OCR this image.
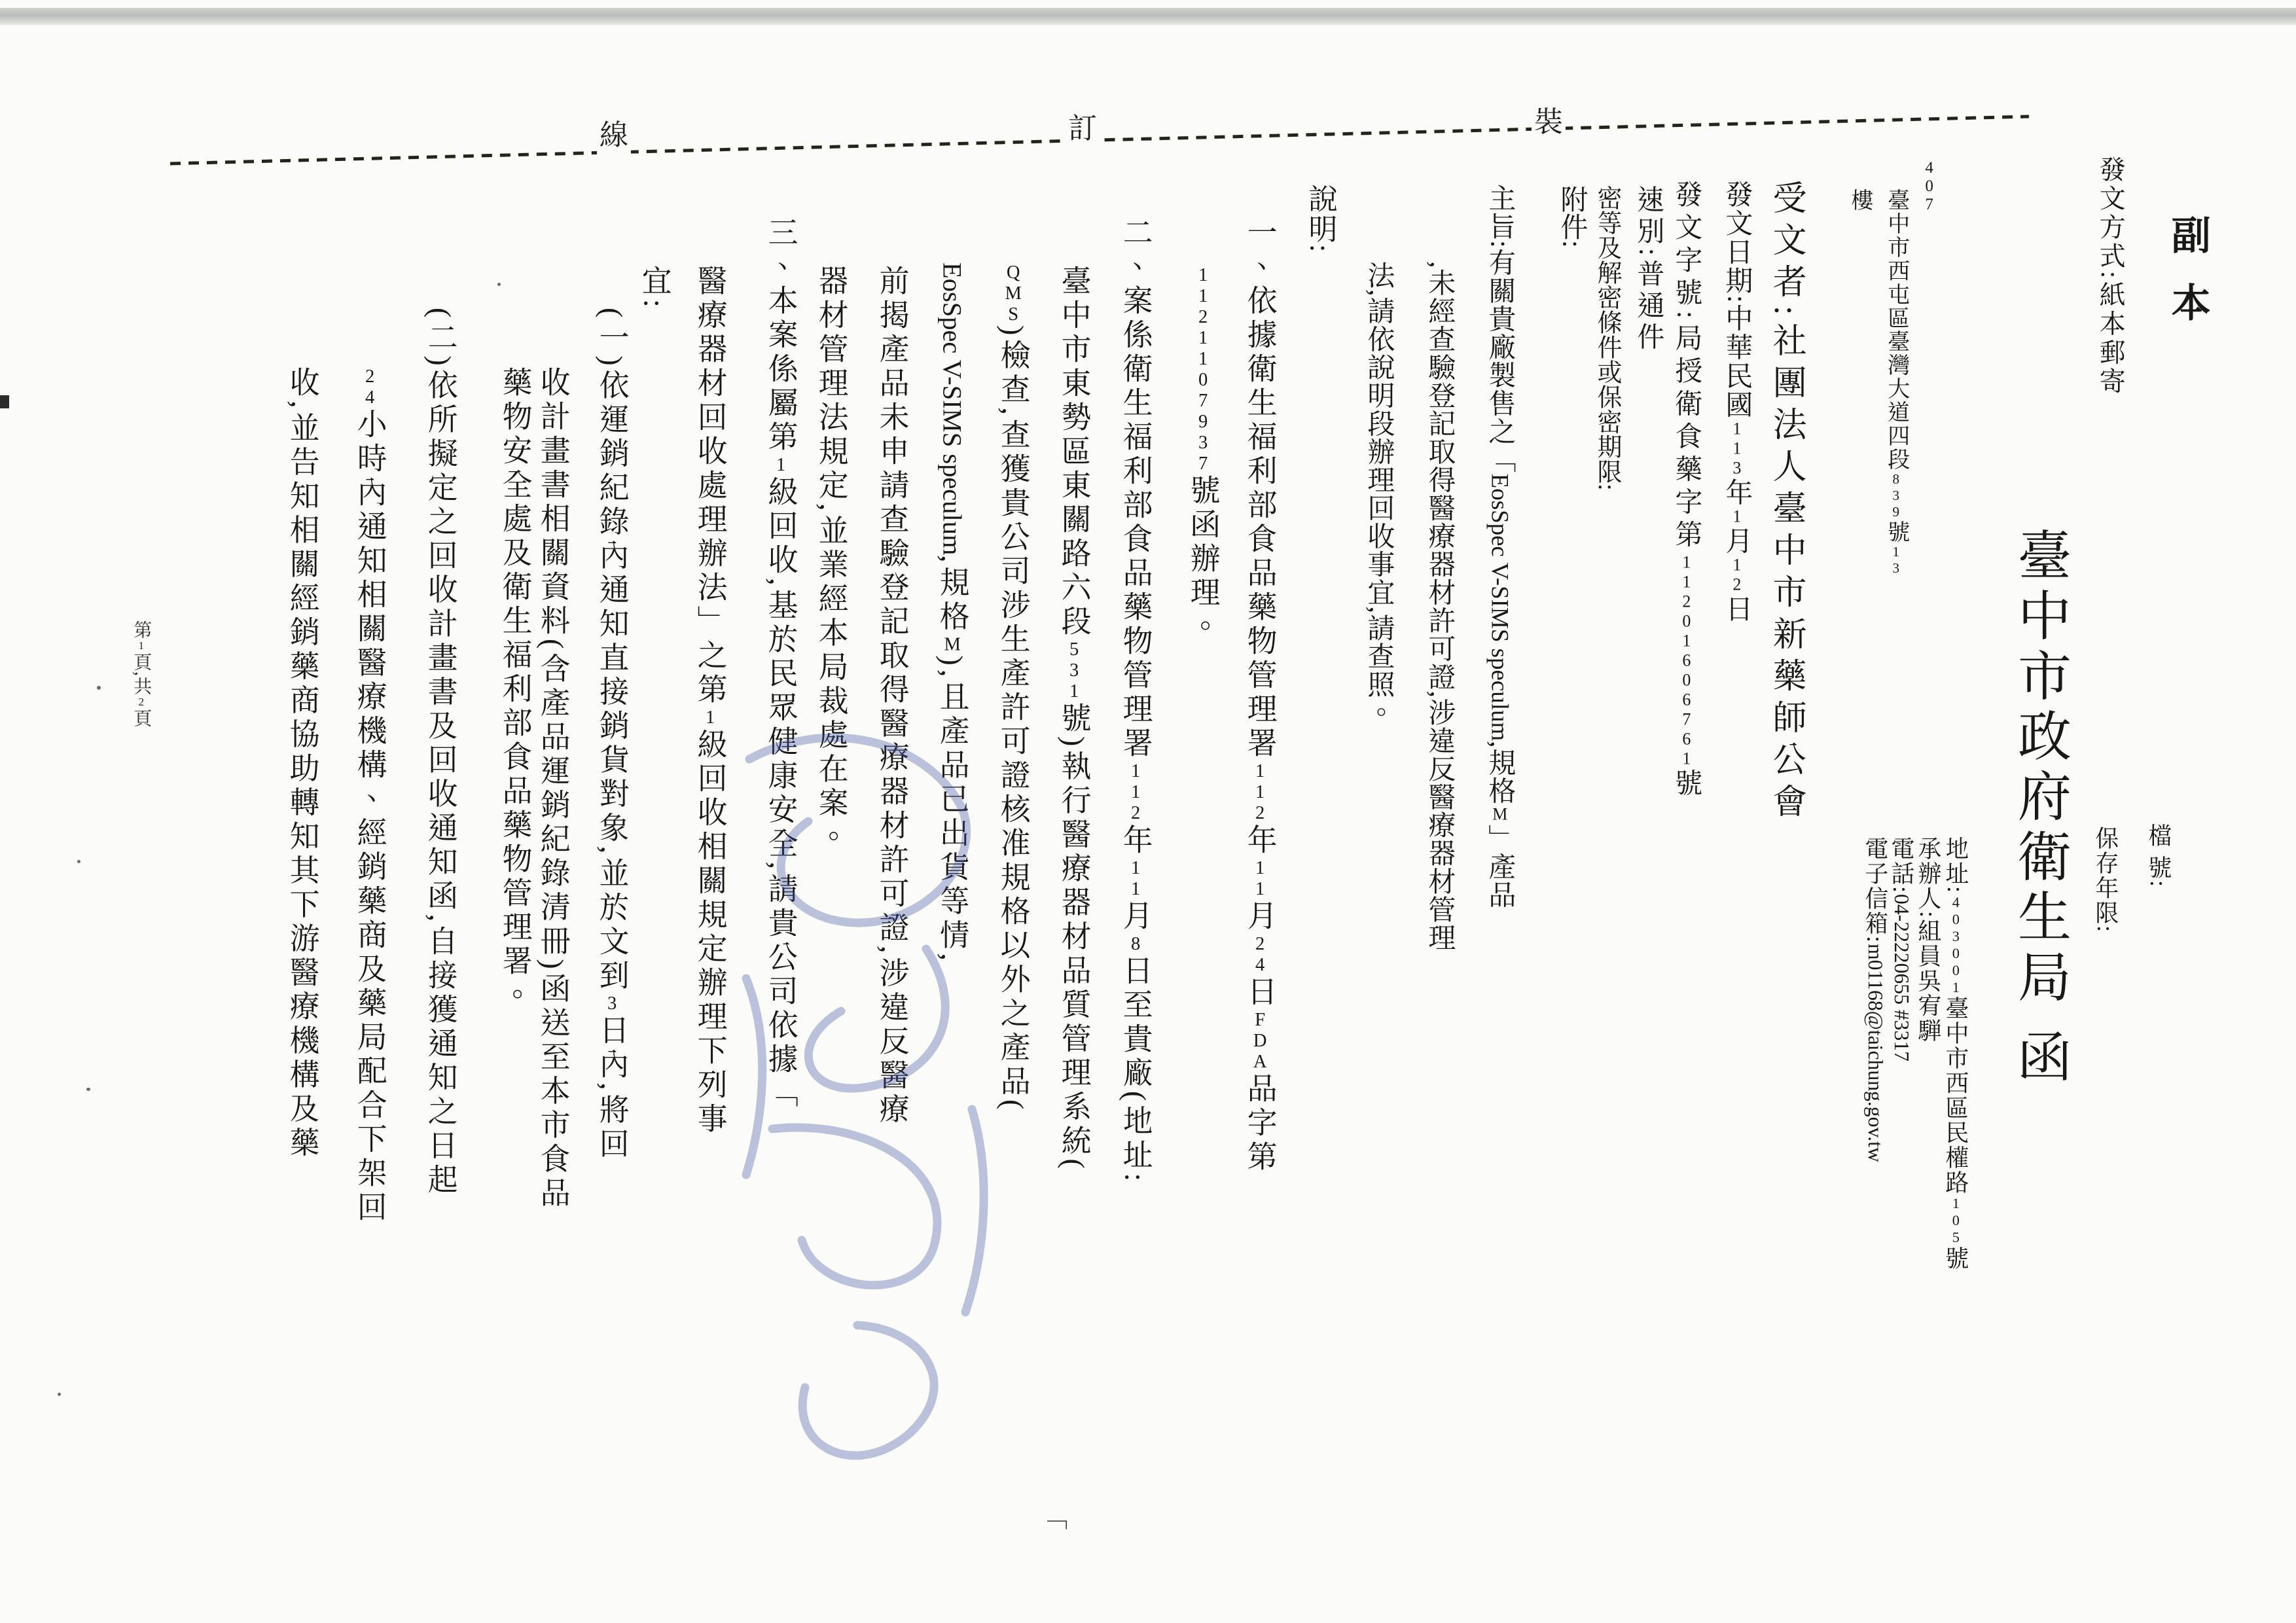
線	訂	裝
副 本
發文方式:紙本郵寄
臺中市政府衛生局 函	檔 號:
保存年限:
地址:403001臺中市西區民權路105號
承辦人:組員吳宥騨
電話:04-22220655 #3317
電子信箱:m01168@taichung.gov.tw
407
臺中市西屯區臺灣大道四段839號13
樓
受文者:社團法人臺中市新藥師公會
發文日期:中華民國113年1月12日
發文字號:局授衛食藥字第11201606761號
速別:普通件
密等及解密條件或保密期限:
附件:
主旨:有關貴廠製售之「EosSpec V-SIMS speculum,規格M」產品
,未經查驗登記取得醫療器材許可證,涉違反醫療器材管理
法,請依說明段辦理回收事宜,請查照。
說明:
一、依據衛生福利部食品藥物管理署112年11月24日FDA品字第
1121107937號函辦理。
二、案係衛生福利部食品藥物管理署112年11月8日至貴廠(地址:
臺中市東勢區東關路六段531號)執行醫療器材品質管理系統(
QMS)檢查,查獲貴公司涉生產許可證核准規格以外之產品(
EosSpec V-SIMS speculum,規格M),且產品已出貨等情,
前揭產品未申請查驗登記取得醫療器材許可證,涉違反醫療
器材管理法規定,並業經本局裁處在案。
三、本案係屬第1級回收,基於民眾健康安全,請貴公司依據「
醫療器材回收處理辦法」之第1級回收相關規定辦理下列事
宜:
(一)依運銷紀錄內通知直接銷貨對象,並於文到3日內,將回
收計畫書相關資料(含產品運銷紀錄清冊)函送至本市食品
藥物安全處及衛生福利部食品藥物管理署。
(二)依所擬定之回收計畫書及回收通知函,自接獲通知之日起
24小時內通知相關醫療機構、經銷藥商及藥局配合下架回
收,並告知相關經銷藥商協助轉知其下游醫療機構及藥
第1頁,共2頁
「
